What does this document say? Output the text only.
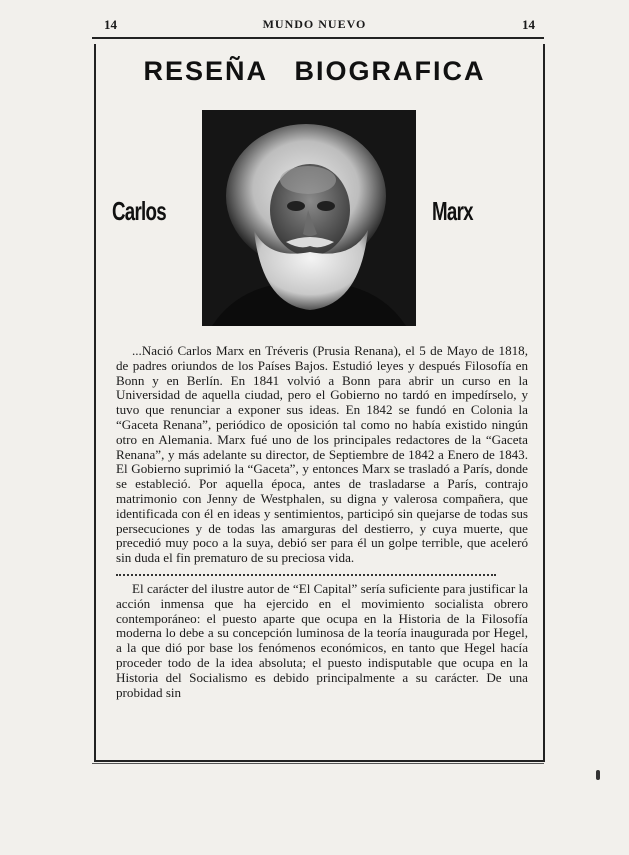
14	MUNDO NUEVO	14
RESEÑA BIOGRAFICA
Carlos	Marx

...Nació Carlos Marx en Tréveris (Prusia Renana), el 5 de Mayo de 1818, de padres oriundos de los Países Bajos. Estudió leyes y después Filosofía en Bonn y en Berlín. En 1841 volvió a Bonn para abrir un curso en la Universidad de aquella ciudad, pero el Gobierno no tardó en impedírselo, y tuvo que renunciar a exponer sus ideas. En 1842 se fundó en Colonia la “Gaceta Renana”, periódico de oposición tal como no había existido ningún otro en Alemania. Marx fué uno de los principales redactores de la “Gaceta Renana”, y más adelante su director, de Septiembre de 1842 a Enero de 1843. El Gobierno suprimió la “Gaceta”, y entonces Marx se trasladó a París, donde se estableció. Por aquella época, antes de trasladarse a París, contrajo matrimonio con Jenny de Westphalen, su digna y valerosa compañera, que identificada con él en ideas y sentimientos, participó sin quejarse de todas sus persecuciones y de todas las amarguras del destierro, y cuya muerte, que precedió muy poco a la suya, debió ser para él un golpe terrible, que aceleró sin duda el fin prematuro de su preciosa vida.

El carácter del ilustre autor de “El Capital” sería suficiente para justificar la acción inmensa que ha ejercido en el movimiento socialista obrero contemporáneo: el puesto aparte que ocupa en la Historia de la Filosofía moderna lo debe a su concepción luminosa de la teoría inaugurada por Hegel, a la que dió por base los fenómenos económicos, en tanto que Hegel hacía proceder todo de la idea absoluta; el puesto indisputable que ocupa en la Historia del Socialismo es debido principalmente a su carácter. De una probidad sin
